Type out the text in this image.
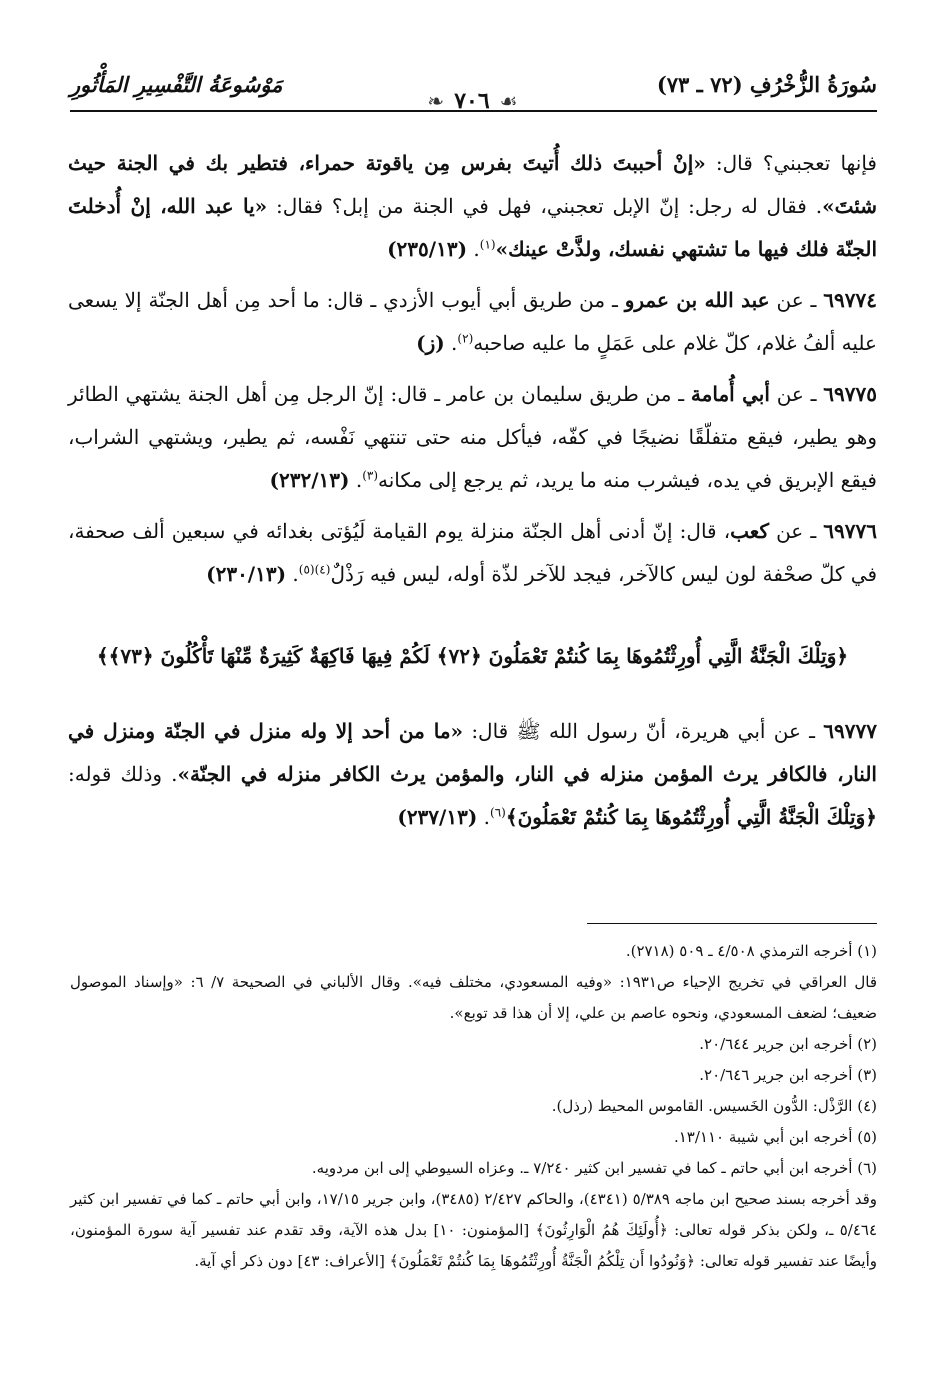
سُورَةُ الزُّخْرُفِ (٧٢ ـ ٧٣)
مَوْسُوعَةُ التَّفْسِيرِ المَأْثُورِ
☙
٧٠٦
❧

فإنها تعجبني؟ قال: «إنْ أحببتَ ذلك أُتيتَ بفرس مِن ياقوتة حمراء، فتطير بك في الجنة حيث شئتَ». فقال له رجل: إنّ الإبل تعجبني، فهل في الجنة من إبل؟ فقال: «يا عبد الله، إنْ أُدخلتَ الجنّة فلك فيها ما تشتهي نفسك، ولذَّتْ عينك»$^{(١)}$. (٢٣٥/١٣)

٦٩٧٧٤ ـ عن عبد الله بن عمرو ـ من طريق أبي أيوب الأزدي ـ قال: ما أحد مِن أهل الجنّة إلا يسعى عليه ألفُ غلام، كلّ غلام على عَمَلٍ ما عليه صاحبه$^{(٢)}$. (ز)

٦٩٧٧٥ ـ عن أبي أُمامة ـ من طريق سليمان بن عامر ـ قال: إنّ الرجل مِن أهل الجنة يشتهي الطائر وهو يطير، فيقع متفلّقًا نضيجًا في كفّه، فيأكل منه حتى تنتهي نَفْسه، ثم يطير، ويشتهي الشراب، فيقع الإبريق في يده، فيشرب منه ما يريد، ثم يرجع إلى مكانه$^{(٣)}$. (٢٣٢/١٣)

٦٩٧٧٦ ـ عن كعب، قال: إنّ أدنى أهل الجنّة منزلة يوم القيامة لَيُؤتى بغدائه في سبعين ألف صحفة، في كلّ صحْفة لون ليس كالآخر، فيجد للآخر لذّة أوله، ليس فيه رَذْلٌ$^{(٤)(٥)}$. (٢٣٠/١٣)

﴿وَتِلْكَ الْجَنَّةُ الَّتِي أُورِثْتُمُوهَا بِمَا كُنتُمْ تَعْمَلُونَ ﴿٧٢﴾ لَكُمْ فِيهَا فَاكِهَةٌ كَثِيرَةٌ مِّنْهَا تَأْكُلُونَ ﴿٧٣﴾﴾

٦٩٧٧٧ ـ عن أبي هريرة، أنّ رسول الله ﷺ قال: «ما من أحد إلا وله منزل في الجنّة ومنزل في النار، فالكافر يرث المؤمن منزله في النار، والمؤمن يرث الكافر منزله في الجنّة». وذلك قوله: ﴿وَتِلْكَ الْجَنَّةُ الَّتِي أُورِثْتُمُوهَا بِمَا كُنتُمْ تَعْمَلُونَ﴾$^{(٦)}$. (٢٣٧/١٣)

(١) أخرجه الترمذي ٤/٥٠٨ ـ ٥٠٩ (٢٧١٨).

قال العراقي في تخريج الإحياء ص١٩٣١: «وفيه المسعودي، مختلف فيه». وقال الألباني في الصحيحة ٧/ ٦: «وإسناد الموصول ضعيف؛ لضعف المسعودي، ونحوه عاصم بن علي، إلا أن هذا قد توبع».

(٢) أخرجه ابن جرير ٢٠/٦٤٤.

(٣) أخرجه ابن جرير ٢٠/٦٤٦.

(٤) الرَّذْل: الدُّون الخَسيس. القاموس المحيط (رذل).

(٥) أخرجه ابن أبي شيبة ١٣/١١٠.

(٦) أخرجه ابن أبي حاتم ـ كما في تفسير ابن كثير ٧/٢٤٠ ـ. وعزاه السيوطي إلى ابن مردويه.

وقد أخرجه بسند صحيح ابن ماجه ٥/٣٨٩ (٤٣٤١)، والحاكم ٢/٤٢٧ (٣٤٨٥)، وابن جرير ١٧/١٥، وابن أبي حاتم ـ كما في تفسير ابن كثير ٥/٤٦٤ ـ، ولكن بذكر قوله تعالى: ﴿أُولَئِكَ هُمُ الْوَارِثُونَ﴾ [المؤمنون: ١٠] بدل هذه الآية، وقد تقدم عند تفسير آية سورة المؤمنون، وأيضًا عند تفسير قوله تعالى: ﴿وَنُودُوا أَن تِلْكُمُ الْجَنَّةُ أُورِثْتُمُوهَا بِمَا كُنتُمْ تَعْمَلُونَ﴾ [الأعراف: ٤٣] دون ذكر أي آية.
